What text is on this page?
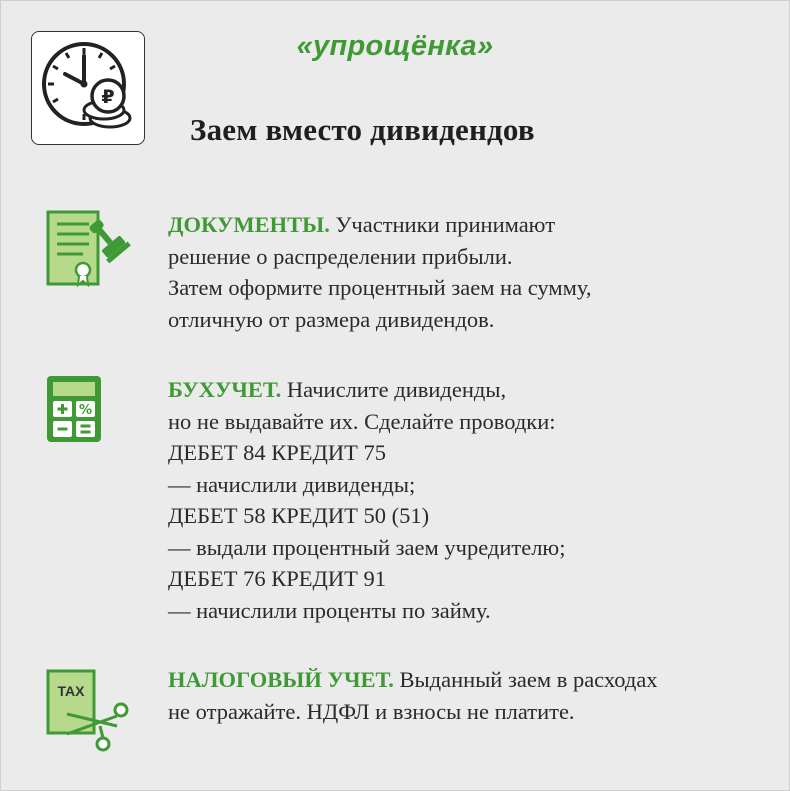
₽
«упрощёнка»
Заем вместо дивидендов
ДОКУМЕНТЫ. Участники принимают
решение о распределении прибыли.
Затем оформите процентный заем на сумму,
отличную от размера дивидендов.
%
БУХУЧЕТ. Начислите дивиденды,
но не выдавайте их. Сделайте проводки:
ДЕБЕТ 84 КРЕДИТ 75
— начислили дивиденды;
ДЕБЕТ 58 КРЕДИТ 50 (51)
— выдали процентный заем учредителю;
ДЕБЕТ 76 КРЕДИТ 91
— начислили проценты по займу.
TAX	НАЛОГОВЫЙ УЧЕТ. Выданный заем в расходах
не отражайте. НДФЛ и взносы не платите.
